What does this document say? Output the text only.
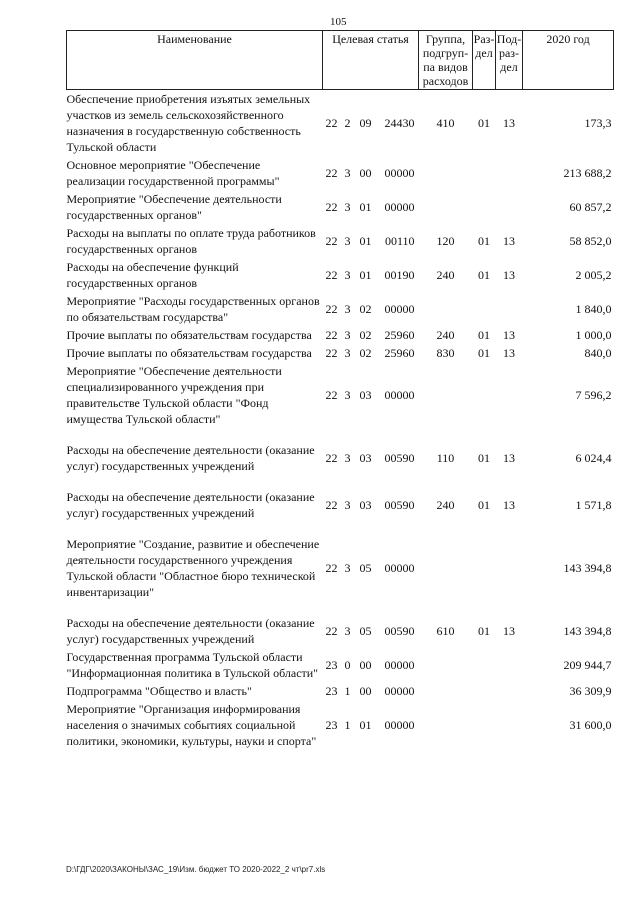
105
Наименование	Целевая статья				Группа, подгруп-па видов расходов	Раз-дел	Под-раз-дел	2020 год
Обеспечение приобретения изъятых земельных участков из земель сельскохозяйственного назначения в государственную собственность Тульской области	22	2	09	24430	410	01	13	173,3
Основное мероприятие "Обеспечение реализации государственной программы"	22	3	00	00000				213 688,2
Мероприятие "Обеспечение деятельности государственных органов"	22	3	01	00000				60 857,2
Расходы на выплаты по оплате труда работников государственных органов	22	3	01	00110	120	01	13	58 852,0
Расходы на обеспечение функций государственных органов	22	3	01	00190	240	01	13	2 005,2
Мероприятие "Расходы государственных органов по обязательствам государства"	22	3	02	00000				1 840,0
Прочие выплаты по обязательствам государства	22	3	02	25960	240	01	13	1 000,0
Прочие выплаты по обязательствам государства	22	3	02	25960	830	01	13	840,0
Мероприятие "Обеспечение деятельности специализированного учреждения при правительстве Тульской области "Фонд имущества Тульской области"	22	3	03	00000				7 596,2
Расходы на обеспечение деятельности (оказание услуг) государственных учреждений	22	3	03	00590	110	01	13	6 024,4
Расходы на обеспечение деятельности (оказание услуг) государственных учреждений	22	3	03	00590	240	01	13	1 571,8
Мероприятие "Создание, развитие и обеспечение деятельности государственного учреждения Тульской области "Областное бюро технической инвентаризации"	22	3	05	00000				143 394,8
Расходы на обеспечение деятельности (оказание услуг) государственных учреждений	22	3	05	00590	610	01	13	143 394,8
Государственная программа Тульской области "Информационная политика в Тульской области"	23	0	00	00000				209 944,7
Подпрограмма "Общество и власть"	23	1	00	00000				36 309,9
Мероприятие "Организация информирования населения о значимых событиях социальной политики, экономики, культуры, науки и спорта"	23	1	01	00000				31 600,0
D:\ГДГ\2020\ЗАКОНЫ\ЗАС_19\Изм. бюджет ТО 2020-2022_2 чт\pr7.xls
